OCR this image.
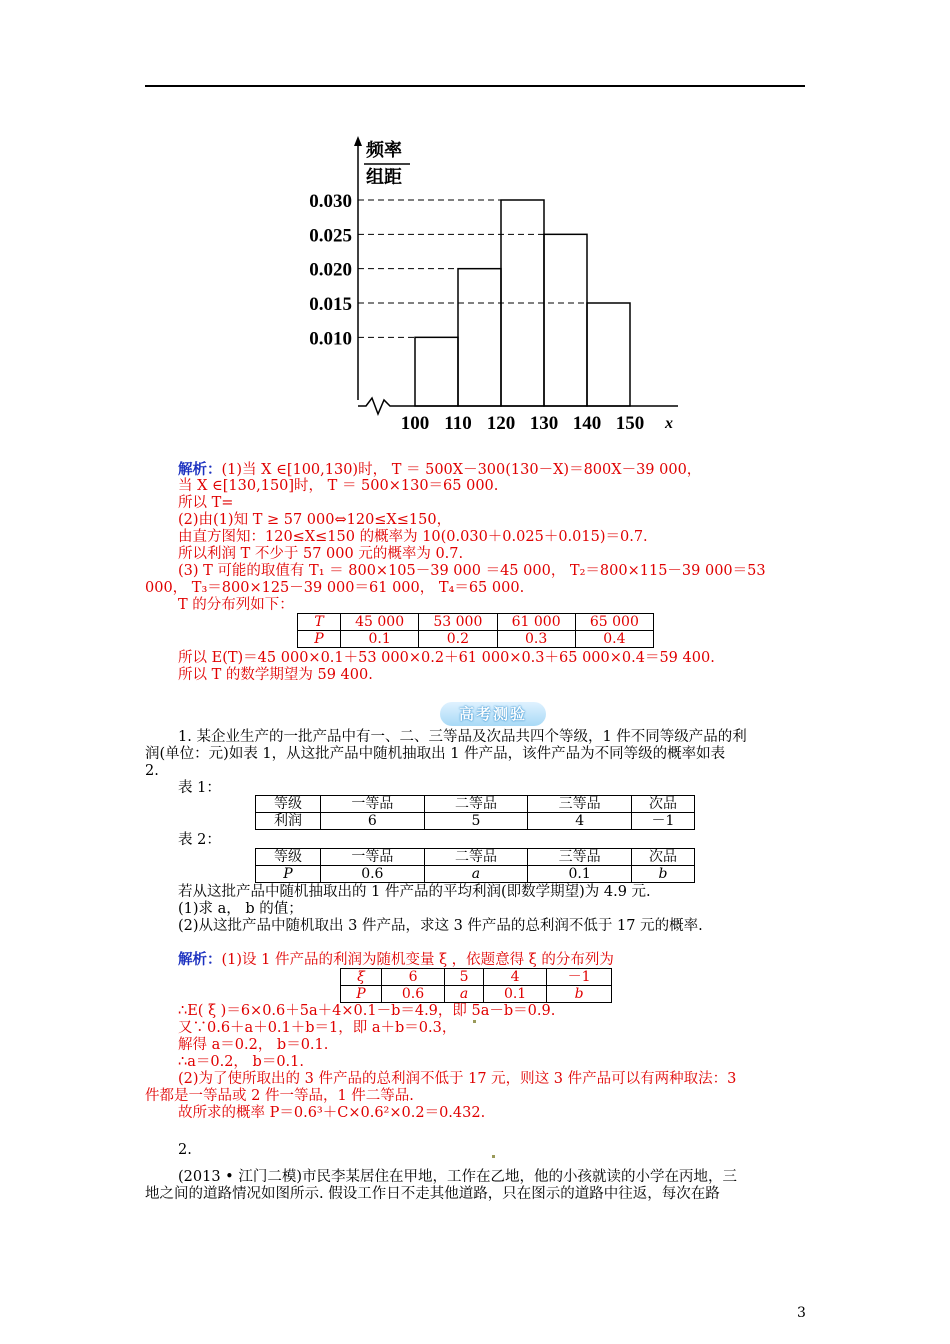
频率
组距
x
0.030
0.025
0.020
0.015
0.010
100 110 120 130 140 150
解析：(1)当 X ∈[100,130)时， T ＝ 500X－300(130－X)＝800X－39 000，
当 X ∈[130,150]时， T ＝ 500×130＝65 000.
所以 T=
(2)由(1)知 T ≥ 57 000⇔120≤X≤150，
由直方图知：120≤X≤150 的概率为 10(0.030＋0.025＋0.015)＝0.7.
所以利润 T 不少于 57 000 元的概率为 0.7.
(3) T 可能的取值有 T₁ ＝ 800×105－39 000 ＝45 000， T₂＝800×115－39 000＝53
000， T₃＝800×125－39 000＝61 000， T₄＝65 000.
T 的分布列如下：
T	45 000	53 000	61 000	65 000
P	0.1	0.2	0.3	0.4
所以 E(T)＝45 000×0.1＋53 000×0.2＋61 000×0.3＋65 000×0.4＝59 400.
所以 T 的数学期望为 59 400.
高考测验
1. 某企业生产的一批产品中有一、二、三等品及次品共四个等级，1 件不同等级产品的利
润(单位：元)如表 1，从这批产品中随机抽取出 1 件产品，该件产品为不同等级的概率如表
2.
表 1：
等级	一等品	二等品	三等品	次品
利润	6	5	4	－1
表 2：
等级	一等品	二等品	三等品	次品
P	0.6	a	0.1	b
若从这批产品中随机抽取出的 1 件产品的平均利润(即数学期望)为 4.9 元.
(1)求 a， b 的值；
(2)从这批产品中随机取出 3 件产品，求这 3 件产品的总利润不低于 17 元的概率.
解析：(1)设 1 件产品的利润为随机变量 ξ ，依题意得 ξ 的分布列为
ξ	6	5	4	－1
P	0.6	a	0.1	b
∴E( ξ )＝6×0.6＋5a＋4×0.1－b＝4.9，即 5a－b＝0.9.
又∵0.6＋a＋0.1＋b＝1，即 a＋b＝0.3，
解得 a＝0.2， b＝0.1.
∴a＝0.2， b＝0.1.
(2)为了使所取出的 3 件产品的总利润不低于 17 元，则这 3 件产品可以有两种取法：3
件都是一等品或 2 件一等品，1 件二等品.
故所求的概率 P＝0.6³＋C×0.6²×0.2＝0.432.
2.
(2013 • 江门二模)市民李某居住在甲地，工作在乙地，他的小孩就读的小学在丙地，三
地之间的道路情况如图所示. 假设工作日不走其他道路，只在图示的道路中往返，每次在路
3
